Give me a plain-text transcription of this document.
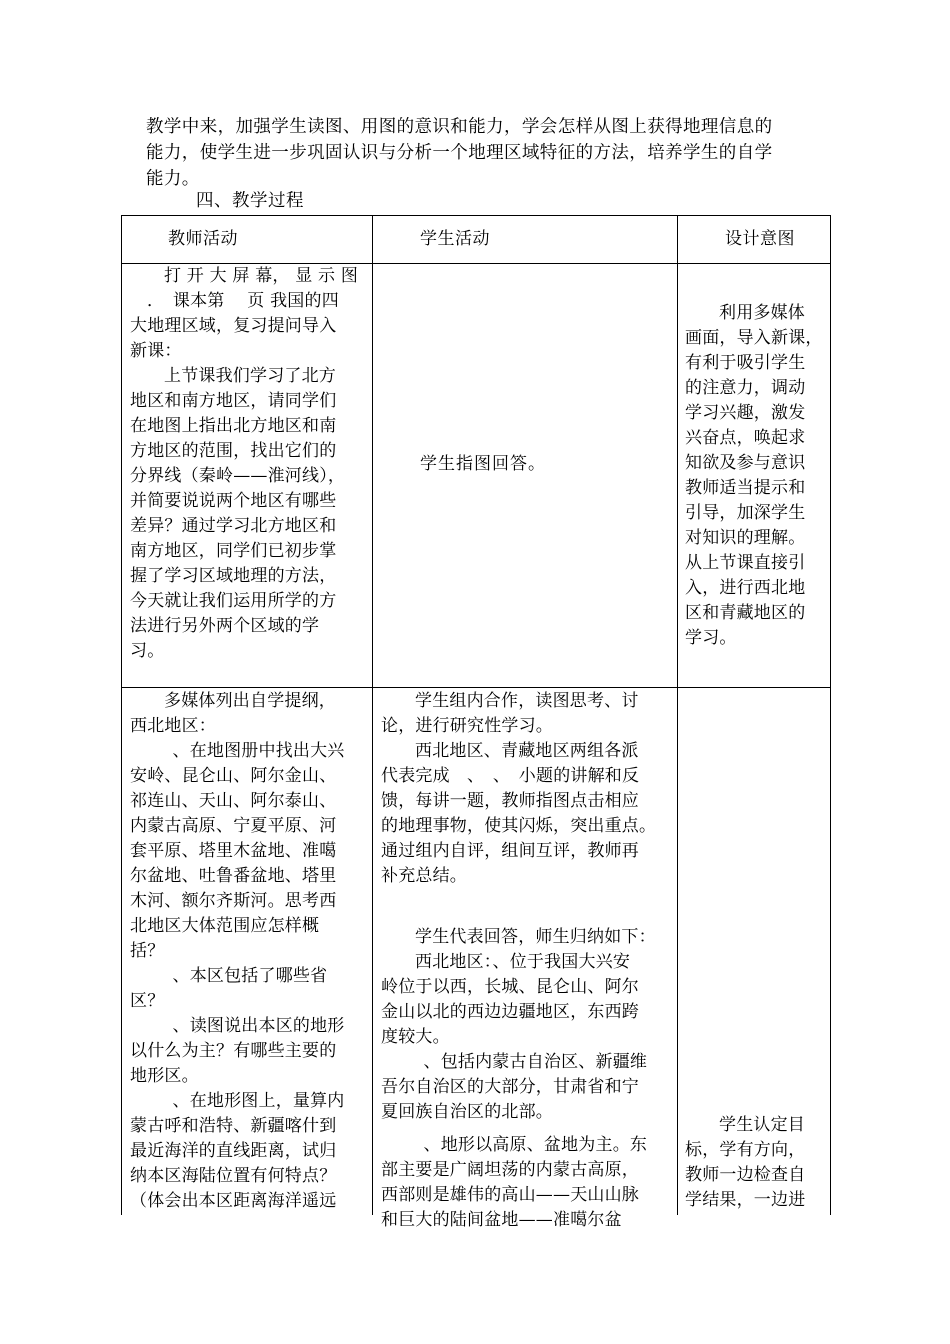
教学中来，加强学生读图、用图的意识和能力，学会怎样从图上获得地理信息的

能力，使学生进一步巩固认识与分析一个地理区域特征的方法，培养学生的自学

能力。

四、教学过程
教师活动	学生活动	设计意图

打 开 大 屏 幕， 显 示 图

．　课本第　 页 我国的四

大地理区域，复习提问导入

新课：

上节课我们学习了北方

地区和南方地区，请同学们

在地图上指出北方地区和南

方地区的范围，找出它们的

分界线（秦岭——淮河线），

并简要说说两个地区有哪些

差异？通过学习北方地区和

南方地区，同学们已初步掌

握了学习区域地理的方法，

今天就让我们运用所学的方

法进行另外两个区域的学

习。

学生指图回答。

利用多媒体

画面，导入新课，

有利于吸引学生

的注意力，调动

学习兴趣，激发

兴奋点，唤起求

知欲及参与意识

教师适当提示和

引导，加深学生

对知识的理解。

从上节课直接引

入，进行西北地

区和青藏地区的

学习。

多媒体列出自学提纲，

西北地区：

、在地图册中找出大兴

安岭、昆仑山、阿尔金山、

祁连山、天山、阿尔泰山、

内蒙古高原、宁夏平原、河

套平原、塔里木盆地、准噶

尔盆地、吐鲁番盆地、塔里

木河、额尔齐斯河。思考西

北地区大体范围应怎样概

括？

、本区包括了哪些省

区？

、读图说出本区的地形

以什么为主？有哪些主要的

地形区。

、在地形图上，量算内

蒙古呼和浩特、新疆喀什到

最近海洋的直线距离，试归

纳本区海陆位置有何特点？

（体会出本区距离海洋遥远

学生组内合作，读图思考、讨

论，进行研究性学习。

西北地区、青藏地区两组各派

代表完成　、　、　小题的讲解和反

馈，每讲一题，教师指图点击相应

的地理事物，使其闪烁，突出重点。

通过组内自评，组间互评，教师再

补充总结。

学生代表回答，师生归纳如下：

西北地区：、位于我国大兴安

岭位于以西，长城、昆仑山、阿尔

金山以北的西边边疆地区，东西跨

度较大。

、包括内蒙古自治区、新疆维

吾尔自治区的大部分，甘肃省和宁

夏回族自治区的北部。

、地形以高原、盆地为主。东

部主要是广阔坦荡的内蒙古高原，

西部则是雄伟的高山——天山山脉

和巨大的陆间盆地——准噶尔盆

学生认定目

标，学有方向，

教师一边检查自

学结果，一边进
